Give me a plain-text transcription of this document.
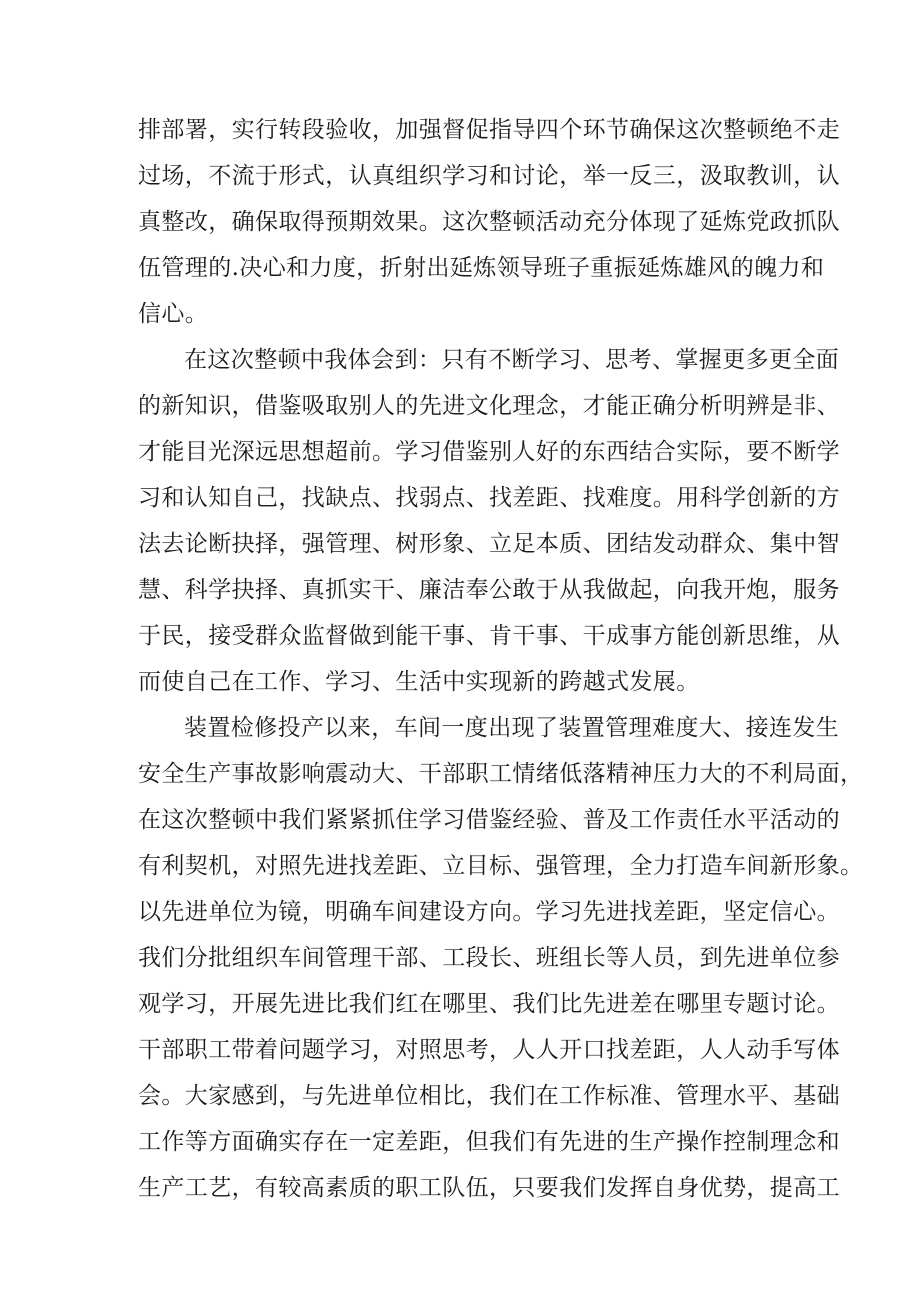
排部署，实行转段验收，加强督促指导四个环节确保这次整顿绝不走
过场，不流于形式，认真组织学习和讨论，举一反三，汲取教训，认
真整改，确保取得预期效果。这次整顿活动充分体现了延炼党政抓队
伍管理的.决心和力度，折射出延炼领导班子重振延炼雄风的魄力和
信心。
在这次整顿中我体会到：只有不断学习、思考、掌握更多更全面
的新知识，借鉴吸取别人的先进文化理念，才能正确分析明辨是非、
才能目光深远思想超前。学习借鉴别人好的东西结合实际，要不断学
习和认知自己，找缺点、找弱点、找差距、找难度。用科学创新的方
法去论断抉择，强管理、树形象、立足本质、团结发动群众、集中智
慧、科学抉择、真抓实干、廉洁奉公敢于从我做起，向我开炮，服务
于民，接受群众监督做到能干事、肯干事、干成事方能创新思维，从
而使自己在工作、学习、生活中实现新的跨越式发展。
装置检修投产以来，车间一度出现了装置管理难度大、接连发生
安全生产事故影响震动大、干部职工情绪低落精神压力大的不利局面，
在这次整顿中我们紧紧抓住学习借鉴经验、普及工作责任水平活动的
有利契机，对照先进找差距、立目标、强管理，全力打造车间新形象。
以先进单位为镜，明确车间建设方向。学习先进找差距，坚定信心。
我们分批组织车间管理干部、工段长、班组长等人员，到先进单位参
观学习，开展先进比我们红在哪里、我们比先进差在哪里专题讨论。
干部职工带着问题学习，对照思考，人人开口找差距，人人动手写体
会。大家感到，与先进单位相比，我们在工作标准、管理水平、基础
工作等方面确实存在一定差距，但我们有先进的生产操作控制理念和
生产工艺，有较高素质的职工队伍，只要我们发挥自身优势，提高工
